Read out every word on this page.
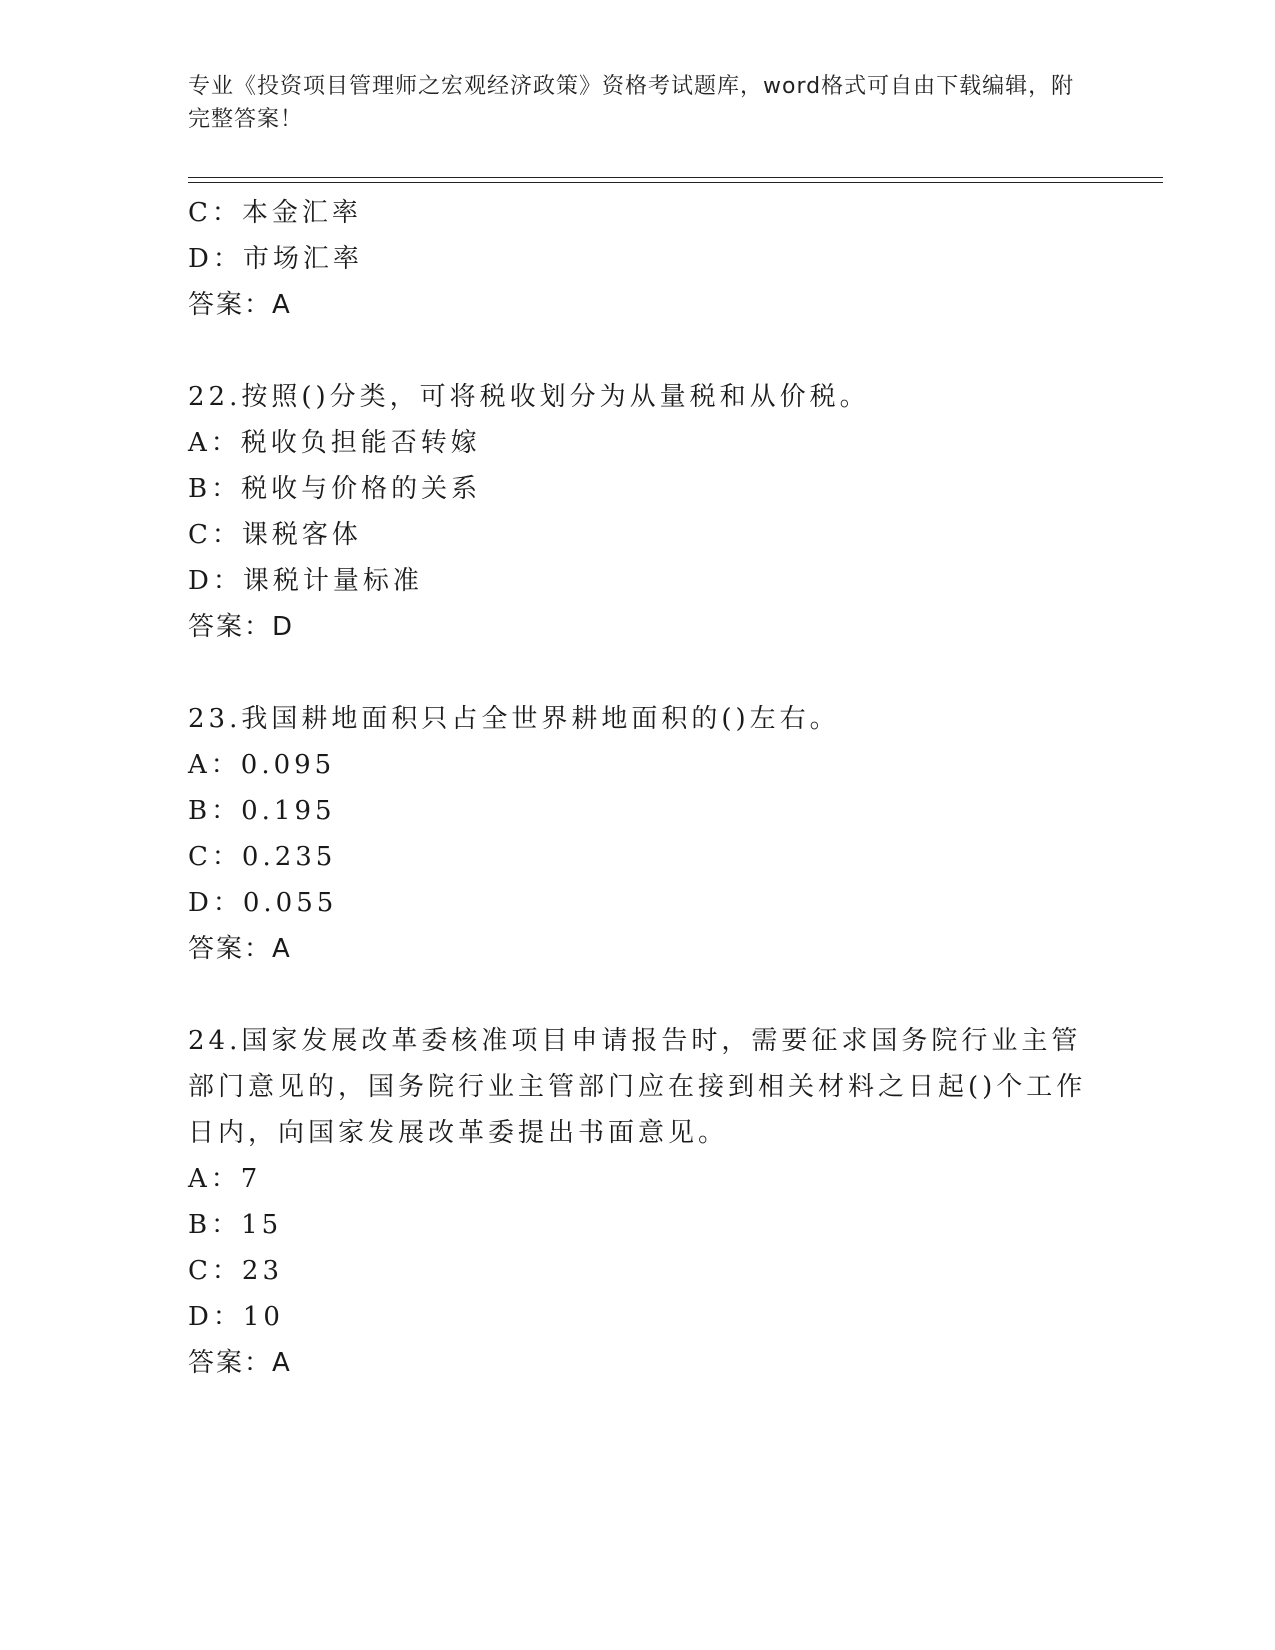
专业《投资项目管理师之宏观经济政策》资格考试题库，word格式可自由下载编辑，附完整答案！

C：本金汇率

D：市场汇率

答案：A

22.按照()分类，可将税收划分为从量税和从价税。

A：税收负担能否转嫁

B：税收与价格的关系

C：课税客体

D：课税计量标准

答案：D

23.我国耕地面积只占全世界耕地面积的()左右。

A：0.095

B：0.195

C：0.235

D：0.055

答案：A

24.国家发展改革委核准项目申请报告时，需要征求国务院行业主管部门意见的，国务院行业主管部门应在接到相关材料之日起()个工作日内，向国家发展改革委提出书面意见。

A：7

B：15

C：23

D：10

答案：A
